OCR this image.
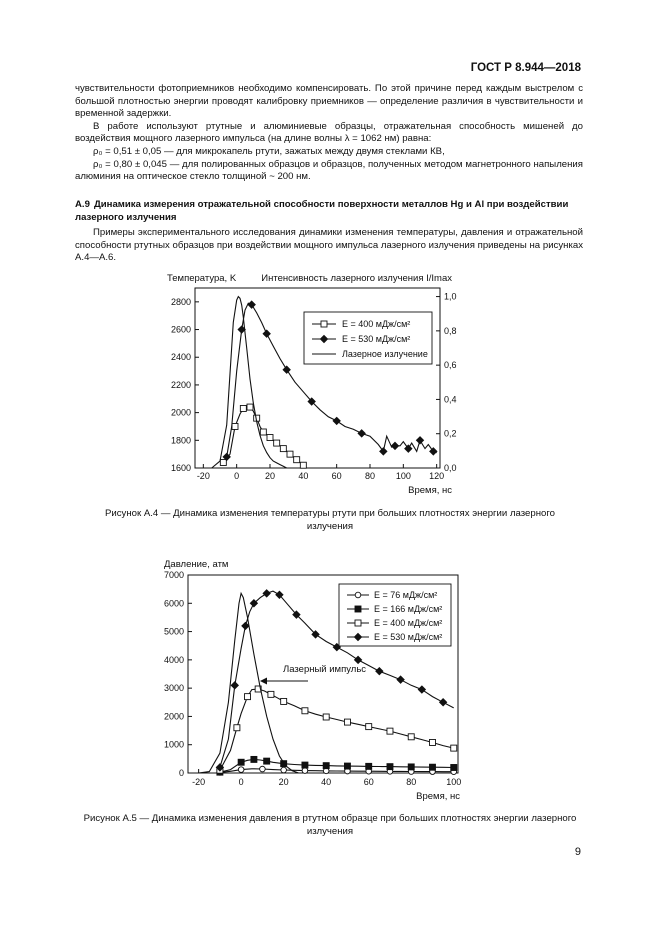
ГОСТ Р 8.944—2018

чувствительности фотоприемников необходимо компенсировать. По этой причине перед каждым выстрелом с большой плотностью энергии проводят калибровку приемников — определение различия в чувствительности и временной задержки.

В работе используют ртутные и алюминиевые образцы, отражательная способность мишеней до воздействия мощного лазерного импульса (на длине волны λ = 1062 нм) равна:

ρ₀ = 0,51 ± 0,05 — для микрокапель ртути, зажатых между двумя стеклами КВ,

ρ₀ = 0,80 ± 0,045 — для полированных образцов и образцов, полученных методом магнетронного напыления алюминия на оптическое стекло толщиной ~ 200 нм.

А.9 Динамика измерения отражательной способности поверхности металлов Hg и Al при воздействии лазерного излучения

Примеры экспериментального исследования динамики изменения температуры, давления и отражательной способности ртутных образцов при воздействии мощного импульса лазерного излучения приведены на рисунках А.4—А.6.

-20	0	20	40	60	80 100 120
1600
1800
2000
2200
2400
2600
2800
0,0
0,2
0,4
0,6
0,8
1,0
Температура, K	Интенсивность лазерного излучения I/Imax
Время, нс
E = 400 мДж/см²
E = 530 мДж/см²
Лазерное излучение
Рисунок А.4 — Динамика изменения температуры ртути при больших плотностях энергии лазерного излучения
-20	0	20	40	60	80	100
0
1000
2000
3000
4000
5000
6000
7000
Давление, атм
Время, нс
Лазерный импульс
E = 76 мДж/см²
E = 166 мДж/см²
E = 400 мДж/см²
E = 530 мДж/см²
Рисунок А.5 — Динамика изменения давления в ртутном образце при больших плотностях энергии лазерного излучения
9
